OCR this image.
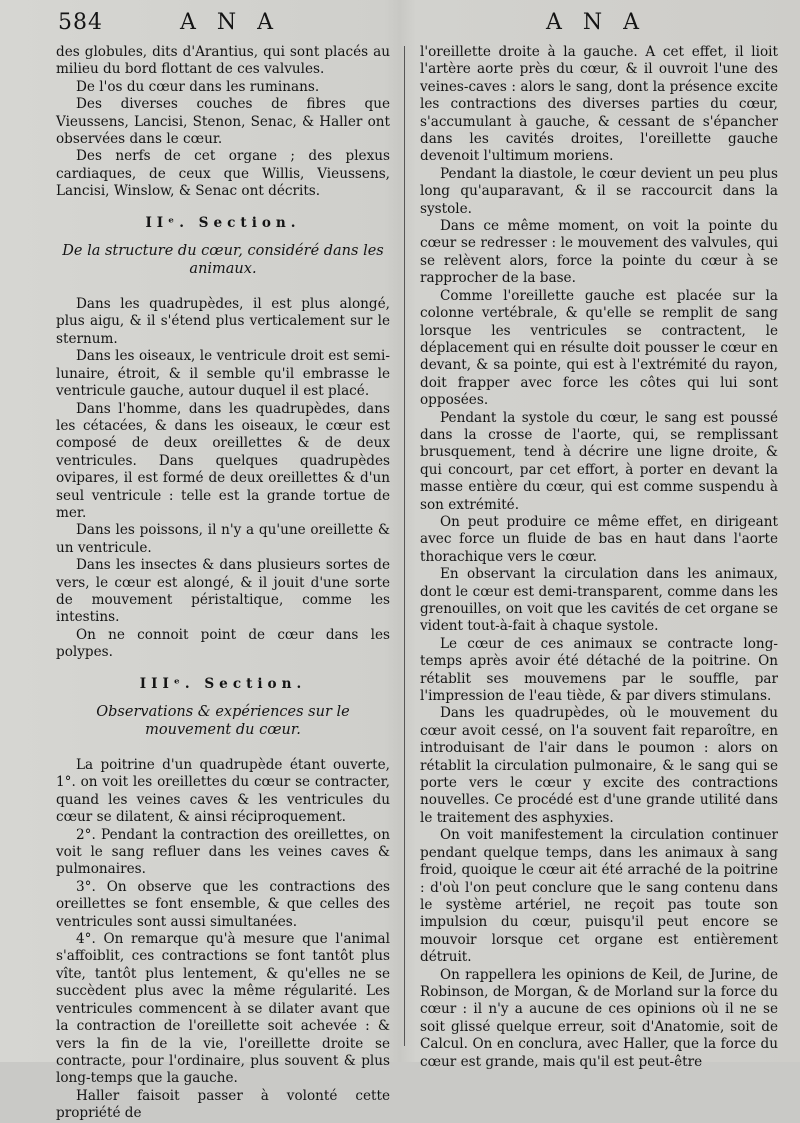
584	A N A	A N A

des globules, dits d'Arantius, qui sont placés au milieu du bord flottant de ces valvules.

De l'os du cœur dans les ruminans.

Des diverses couches de fibres que Vieussens, Lancisi, Stenon, Senac, & Haller ont observées dans le cœur.

Des nerfs de cet organe ; des plexus cardiaques, de ceux que Willis, Vieussens, Lancisi, Winslow, & Senac ont décrits.

IIᵉ. Section.

De la structure du cœur, considéré dans les animaux.

Dans les quadrupèdes, il est plus alongé, plus aigu, & il s'étend plus verticalement sur le sternum.

Dans les oiseaux, le ventricule droit est semi-lunaire, étroit, & il semble qu'il embrasse le ventricule gauche, autour duquel il est placé.

Dans l'homme, dans les quadrupèdes, dans les cétacées, & dans les oiseaux, le cœur est composé de deux oreillettes & de deux ventricules. Dans quelques quadrupèdes ovipares, il est formé de deux oreillettes & d'un seul ventricule : telle est la grande tortue de mer.

Dans les poissons, il n'y a qu'une oreillette & un ventricule.

Dans les insectes & dans plusieurs sortes de vers, le cœur est alongé, & il jouit d'une sorte de mouvement péristaltique, comme les intestins.

On ne connoit point de cœur dans les polypes.

IIIᵉ. Section.

Observations & expériences sur le mouvement du cœur.

La poitrine d'un quadrupède étant ouverte, 1°. on voit les oreillettes du cœur se contracter, quand les veines caves & les ventricules du cœur se dilatent, & ainsi réciproquement.

2°. Pendant la contraction des oreillettes, on voit le sang refluer dans les veines caves & pulmonaires.

3°. On observe que les contractions des oreillettes se font ensemble, & que celles des ventricules sont aussi simultanées.

4°. On remarque qu'à mesure que l'animal s'affoiblit, ces contractions se font tantôt plus vîte, tantôt plus lentement, & qu'elles ne se succèdent plus avec la même régularité. Les ventricules commencent à se dilater avant que la contraction de l'oreillette soit achevée : & vers la fin de la vie, l'oreillette droite se contracte, pour l'ordinaire, plus souvent & plus long-temps que la gauche.

Haller faisoit passer à volonté cette propriété de

l'oreillette droite à la gauche. A cet effet, il lioit l'artère aorte près du cœur, & il ouvroit l'une des veines-caves : alors le sang, dont la présence excite les contractions des diverses parties du cœur, s'accumulant à gauche, & cessant de s'épancher dans les cavités droites, l'oreillette gauche devenoit l'ultimum moriens.

Pendant la diastole, le cœur devient un peu plus long qu'auparavant, & il se raccourcit dans la systole.

Dans ce même moment, on voit la pointe du cœur se redresser : le mouvement des valvules, qui se relèvent alors, force la pointe du cœur à se rapprocher de la base.

Comme l'oreillette gauche est placée sur la colonne vertébrale, & qu'elle se remplit de sang lorsque les ventricules se contractent, le déplacement qui en résulte doit pousser le cœur en devant, & sa pointe, qui est à l'extrémité du rayon, doit frapper avec force les côtes qui lui sont opposées.

Pendant la systole du cœur, le sang est poussé dans la crosse de l'aorte, qui, se remplissant brusquement, tend à décrire une ligne droite, & qui concourt, par cet effort, à porter en devant la masse entière du cœur, qui est comme suspendu à son extrémité.

On peut produire ce même effet, en dirigeant avec force un fluide de bas en haut dans l'aorte thorachique vers le cœur.

En observant la circulation dans les animaux, dont le cœur est demi-transparent, comme dans les grenouilles, on voit que les cavités de cet organe se vident tout-à-fait à chaque systole.

Le cœur de ces animaux se contracte long-temps après avoir été détaché de la poitrine. On rétablit ses mouvemens par le souffle, par l'impression de l'eau tiède, & par divers stimulans.

Dans les quadrupèdes, où le mouvement du cœur avoit cessé, on l'a souvent fait reparoître, en introduisant de l'air dans le poumon : alors on rétablit la circulation pulmonaire, & le sang qui se porte vers le cœur y excite des contractions nouvelles. Ce procédé est d'une grande utilité dans le traitement des asphyxies.

On voit manifestement la circulation continuer pendant quelque temps, dans les animaux à sang froid, quoique le cœur ait été arraché de la poitrine : d'où l'on peut conclure que le sang contenu dans le système artériel, ne reçoit pas toute son impulsion du cœur, puisqu'il peut encore se mouvoir lorsque cet organe est entièrement détruit.

On rappellera les opinions de Keil, de Jurine, de Robinson, de Morgan, & de Morland sur la force du cœur : il n'y a aucune de ces opinions où il ne se soit glissé quelque erreur, soit d'Anatomie, soit de Calcul. On en conclura, avec Haller, que la force du cœur est grande, mais qu'il est peut-être
